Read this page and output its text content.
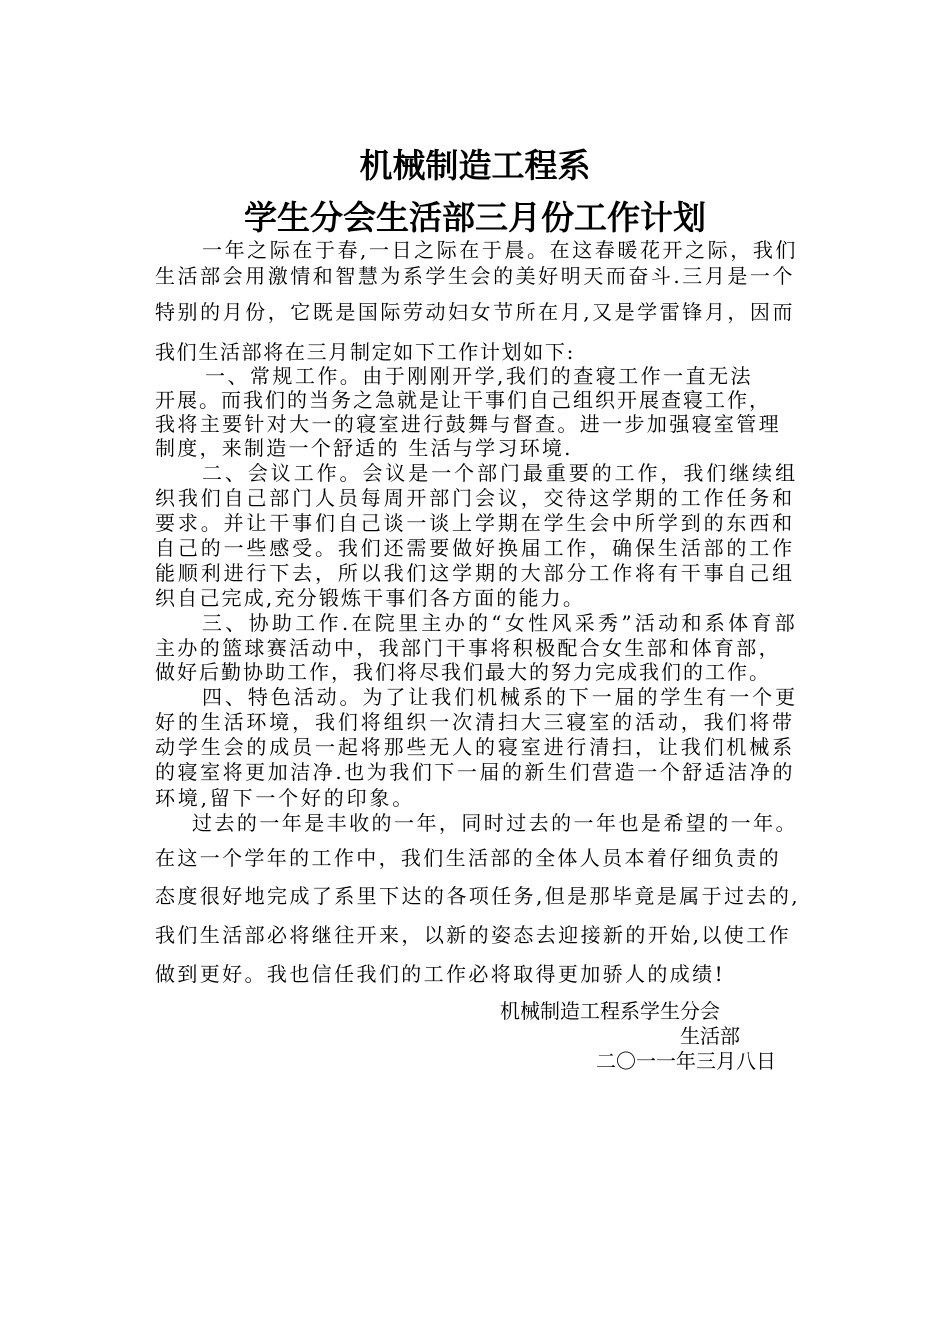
机械制造工程系
学生分会生活部三月份工作计划
一年之际在于春,一日之际在于晨。在这春暖花开之际，我们
生活部会用激情和智慧为系学生会的美好明天而奋斗.三月是一个
特别的月份，它既是国际劳动妇女节所在月,又是学雷锋月，因而
我们生活部将在三月制定如下工作计划如下:
一、常规工作。由于刚刚开学,我们的查寝工作一直无法
开展。而我们的当务之急就是让干事们自己组织开展查寝工作，
我将主要针对大一的寝室进行鼓舞与督查。进一步加强寝室管理
制度，来制造一个舒适的 生活与学习环境.
二、会议工作。会议是一个部门最重要的工作，我们继续组
织我们自己部门人员每周开部门会议，交待这学期的工作任务和
要求。并让干事们自己谈一谈上学期在学生会中所学到的东西和
自己的一些感受。我们还需要做好换届工作，确保生活部的工作
能顺利进行下去，所以我们这学期的大部分工作将有干事自己组
织自己完成,充分锻炼干事们各方面的能力。
三、协助工作.在院里主办的“女性风采秀”活动和系体育部
主办的篮球赛活动中，我部门干事将积极配合女生部和体育部，
做好后勤协助工作，我们将尽我们最大的努力完成我们的工作。
四、特色活动。为了让我们机械系的下一届的学生有一个更
好的生活环境，我们将组织一次清扫大三寝室的活动，我们将带
动学生会的成员一起将那些无人的寝室进行清扫，让我们机械系
的寝室将更加洁净.也为我们下一届的新生们营造一个舒适洁净的
环境,留下一个好的印象。
过去的一年是丰收的一年，同时过去的一年也是希望的一年。
在这一个学年的工作中，我们生活部的全体人员本着仔细负责的
态度很好地完成了系里下达的各项任务,但是那毕竟是属于过去的,
我们生活部必将继往开来，以新的姿态去迎接新的开始,以使工作
做到更好。我也信任我们的工作必将取得更加骄人的成绩!
机械制造工程系学生分会
生活部
二〇一一年三月八日
